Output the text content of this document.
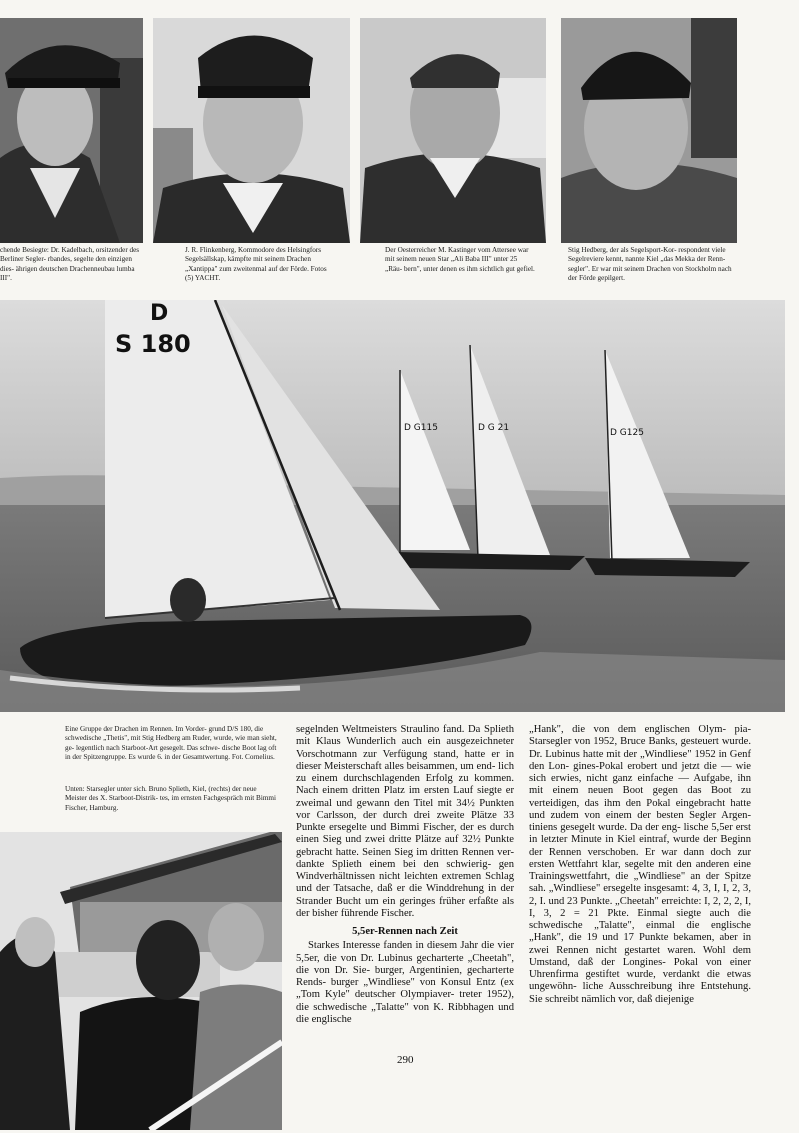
chende Besiegte: Dr. Kadelbach, orsitzender des Berliner Segler- rbandes, segelte den einzigen dies- ährigen deutschen Drachenneubau lumba III".
J. R. Flinkenberg, Kommodore des Helsingfors Segelsällskap, kämpfte mit seinem Drachen „Xantippa" zum zweitenmal auf der Förde. Fotos (5) YACHT.
Der Oesterreicher M. Kastinger vom Attersee war mit seinem neuen Star „Ali Baba III" unter 25 „Räu- bern", unter denen es ihm sichtlich gut gefiel.
Stig Hedberg, der als Segelsport-Kor- respondent viele Segelreviere kennt, nannte Kiel „das Mekka der Renn- segler". Er war mit seinem Drachen von Stockholm nach der Förde gepilgert.
D G115	D G 21	D G125
D
S 180
Eine Gruppe der Drachen im Rennen. Im Vorder- grund D/S 180, die schwedische „Thetis", mit Stig Hedberg am Ruder, wurde, wie man sieht, ge- legentlich nach Starboot-Art gesegelt. Das schwe- dische Boot lag oft in der Spitzengruppe. Es wurde 6. in der Gesamtwertung. Fot. Cornelius.
Unten: Starsegler unter sich. Bruno Splieth, Kiel, (rechts) der neue Meister des X. Starboot-Distrik- tes, im ernsten Fachgespräch mit Bimmi Fischer, Hamburg.

segelnden Weltmeisters Straulino fand. Da Splieth mit Klaus Wunderlich auch ein ausgezeichneter Vorschotmann zur Verfügung stand, hatte er in dieser Meisterschaft alles beisammen, um end- lich zu einem durchschlagenden Erfolg zu kommen. Nach einem dritten Platz im ersten Lauf siegte er zweimal und gewann den Titel mit 34½ Punkten vor Carlsson, der durch drei zweite Plätze 33 Punkte ersegelte und Bimmi Fischer, der es durch einen Sieg und zwei dritte Plätze auf 32½ Punkte gebracht hatte. Seinen Sieg im dritten Rennen ver- dankte Splieth einem bei den schwierig- gen Windverhältnissen nicht leichten extremen Schlag und der Tatsache, daß er die Winddrehung in der Strander Bucht um ein geringes früher erfaßte als der bisher führende Fischer.

5,5er-Rennen nach Zeit

Starkes Interesse fanden in diesem Jahr die vier 5,5er, die von Dr. Lubinus gecharterte „Cheetah", die von Dr. Sie- burger, Argentinien, gecharterte Rends- burger „Windliese" von Konsul Entz (ex „Tom Kyle" deutscher Olympiaver- treter 1952), die schwedische „Talatte" von K. Ribbhagen und die englische

„Hank", die von dem englischen Olym- pia-Starsegler von 1952, Bruce Banks, gesteuert wurde. Dr. Lubinus hatte mit der „Windliese" 1952 in Genf den Lon- gines-Pokal erobert und jetzt die — wie sich erwies, nicht ganz einfache — Aufgabe, ihn mit einem neuen Boot gegen das Boot zu verteidigen, das ihm den Pokal eingebracht hatte und zudem von einem der besten Segler Argen- tiniens gesegelt wurde. Da der eng- lische 5,5er erst in letzter Minute in Kiel eintraf, wurde der Beginn der Rennen verschoben. Er war dann doch zur ersten Wettfahrt klar, segelte mit den anderen eine Trainingswettfahrt, die „Windliese" an der Spitze sah. „Windliese" ersegelte insgesamt: 4, 3, I, I, 2, 3, 2, I. und 23 Punkte. „Cheetah" erreichte: I, 2, 2, 2, I, I, 3, 2 = 21 Pkte. Einmal siegte auch die schwedische „Talatte", einmal die englische „Hank", die 19 und 17 Punkte bekamen, aber in zwei Rennen nicht gestartet waren. Wohl dem Umstand, daß der Longines- Pokal von einer Uhrenfirma gestiftet wurde, verdankt die etwas ungewöhn- liche Ausschreibung ihre Entstehung. Sie schreibt nämlich vor, daß diejenige

290
